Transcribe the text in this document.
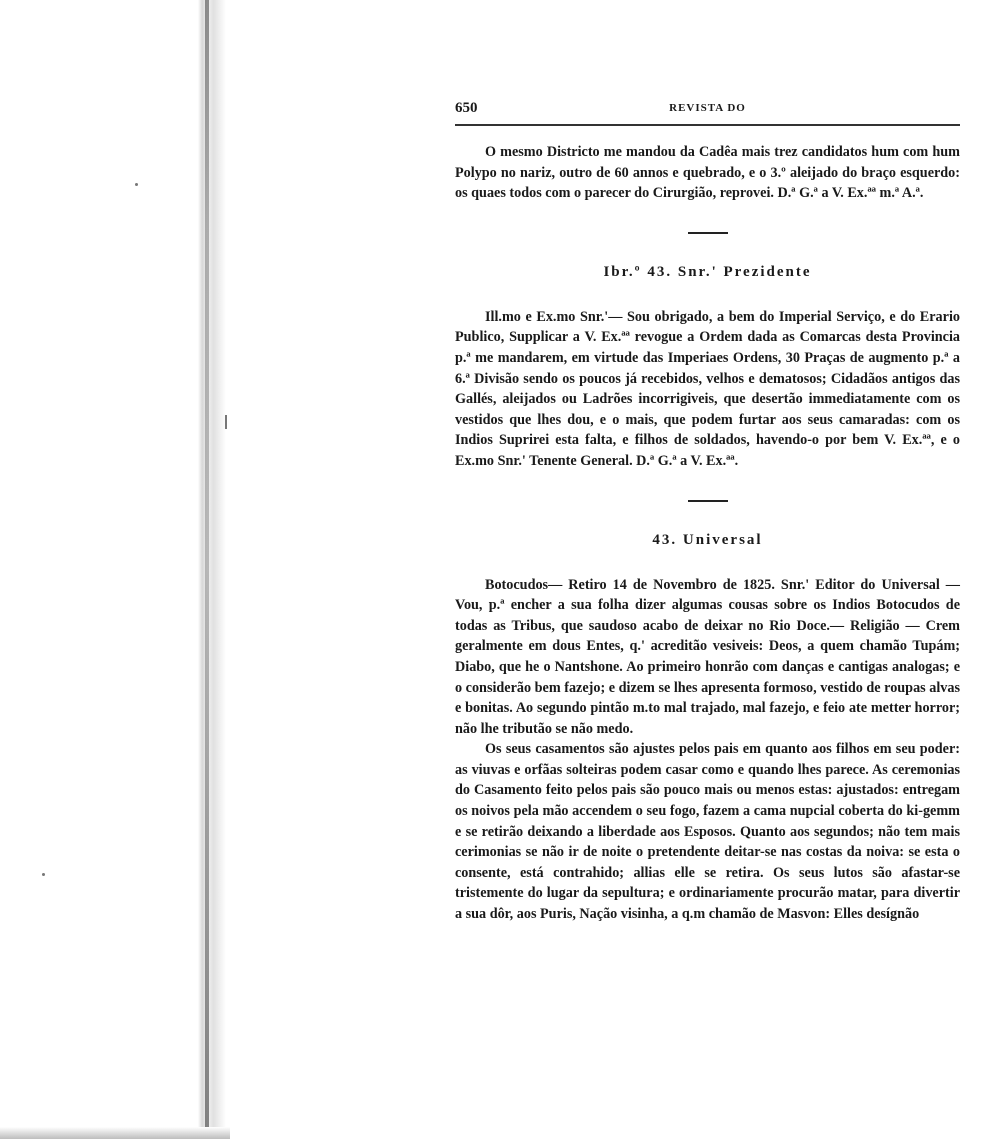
650	REVISTA DO

O mesmo Districto me mandou da Cadêa mais trez candidatos hum com hum Polypo no nariz, outro de 60 annos e quebrado, e o 3.º aleijado do braço esquerdo: os quaes todos com o parecer do Cirurgião, reprovei. D.ª G.ª a V. Ex.ªª m.ª A.ª.

Ibr.º 43. Snr.' Prezidente

Ill.mo e Ex.mo Snr.'— Sou obrigado, a bem do Imperial Serviço, e do Erario Publico, Supplicar a V. Ex.ªª revogue a Ordem dada as Comarcas desta Provincia p.ª me mandarem, em virtude das Imperiaes Ordens, 30 Praças de augmento p.ª a 6.ª Divisão sendo os poucos já recebidos, velhos e dematosos; Cidadãos antigos das Gallés, aleijados ou Ladrões incorrigiveis, que desertão immediatamente com os vestidos que lhes dou, e o mais, que podem furtar aos seus camaradas: com os Indios Suprirei esta falta, e filhos de soldados, havendo-o por bem V. Ex.ªª, e o Ex.mo Snr.' Tenente General. D.ª G.ª a V. Ex.ªª.

43. Universal

Botocudos— Retiro 14 de Novembro de 1825. Snr.' Editor do Universal — Vou, p.ª encher a sua folha dizer algumas cousas sobre os Indios Botocudos de todas as Tribus, que saudoso acabo de deixar no Rio Doce.— Religião — Crem geralmente em dous Entes, q.' acreditão vesiveis: Deos, a quem chamão Tupám; Diabo, que he o Nantshone. Ao primeiro honrão com danças e cantigas analogas; e o considerão bem fazejo; e dizem se lhes apresenta formoso, vestido de roupas alvas e bonitas. Ao segundo pintão m.to mal trajado, mal fazejo, e feio ate metter horror; não lhe tributão se não medo.

Os seus casamentos são ajustes pelos pais em quanto aos filhos em seu poder: as viuvas e orfãas solteiras podem casar como e quando lhes parece. As ceremonias do Casamento feito pelos pais são pouco mais ou menos estas: ajustados: entregam os noivos pela mão accendem o seu fogo, fazem a cama nupcial coberta do ki-gemm e se retirão deixando a liberdade aos Esposos. Quanto aos segundos; não tem mais cerimonias se não ir de noite o pretendente deitar-se nas costas da noiva: se esta o consente, está contrahido; allias elle se retira. Os seus lutos são afastar-se tristemente do lugar da sepultura; e ordinariamente procurão matar, para divertir a sua dôr, aos Puris, Nação visinha, a q.m chamão de Masvon: Elles desígnão
